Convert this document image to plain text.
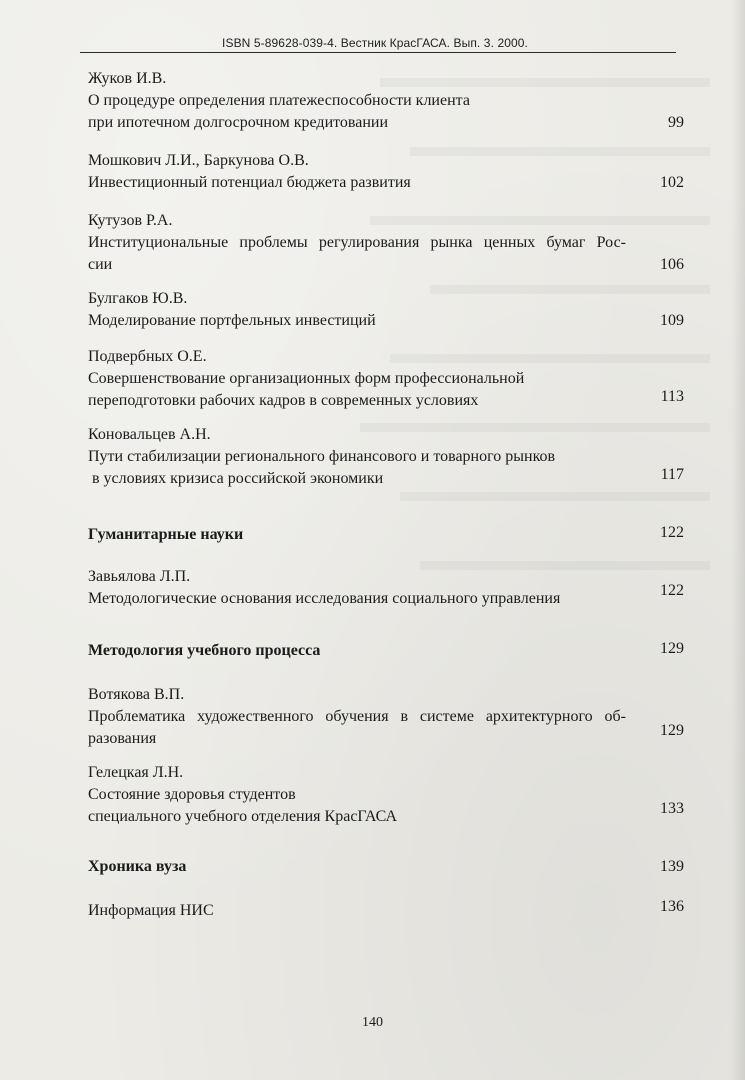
ISBN 5-89628-039-4. Вестник КрасГАСА. Вып. 3. 2000.
Жуков И.В.
О процедуре определения платежеспособности клиента
при ипотечном долгосрочном кредитовании	99
Мошкович Л.И., Баркунова О.В.
Инвестиционный потенциал бюджета развития	102
Кутузов Р.А.
Институциональные проблемы регулирования рынка ценных бумаг Рос-
сии	106
Булгаков Ю.В.
Моделирование портфельных инвестиций	109
Подвербных О.Е.
Совершенствование организационных форм профессиональной
переподготовки рабочих кадров в современных условиях	113
Коновальцев А.Н.
Пути стабилизации регионального финансового и товарного рынков
в условиях кризиса российской экономики	117
Гуманитарные науки	122
Завьялова Л.П.
Методологические основания исследования социального управления	122
Методология учебного процесса	129
Вотякова В.П.
Проблематика художественного обучения в системе архитектурного об-
разования	129
Гелецкая Л.Н.
Состояние здоровья студентов
специального учебного отделения КрасГАСА	133
Хроника вуза	139
Информация НИС	136
140
